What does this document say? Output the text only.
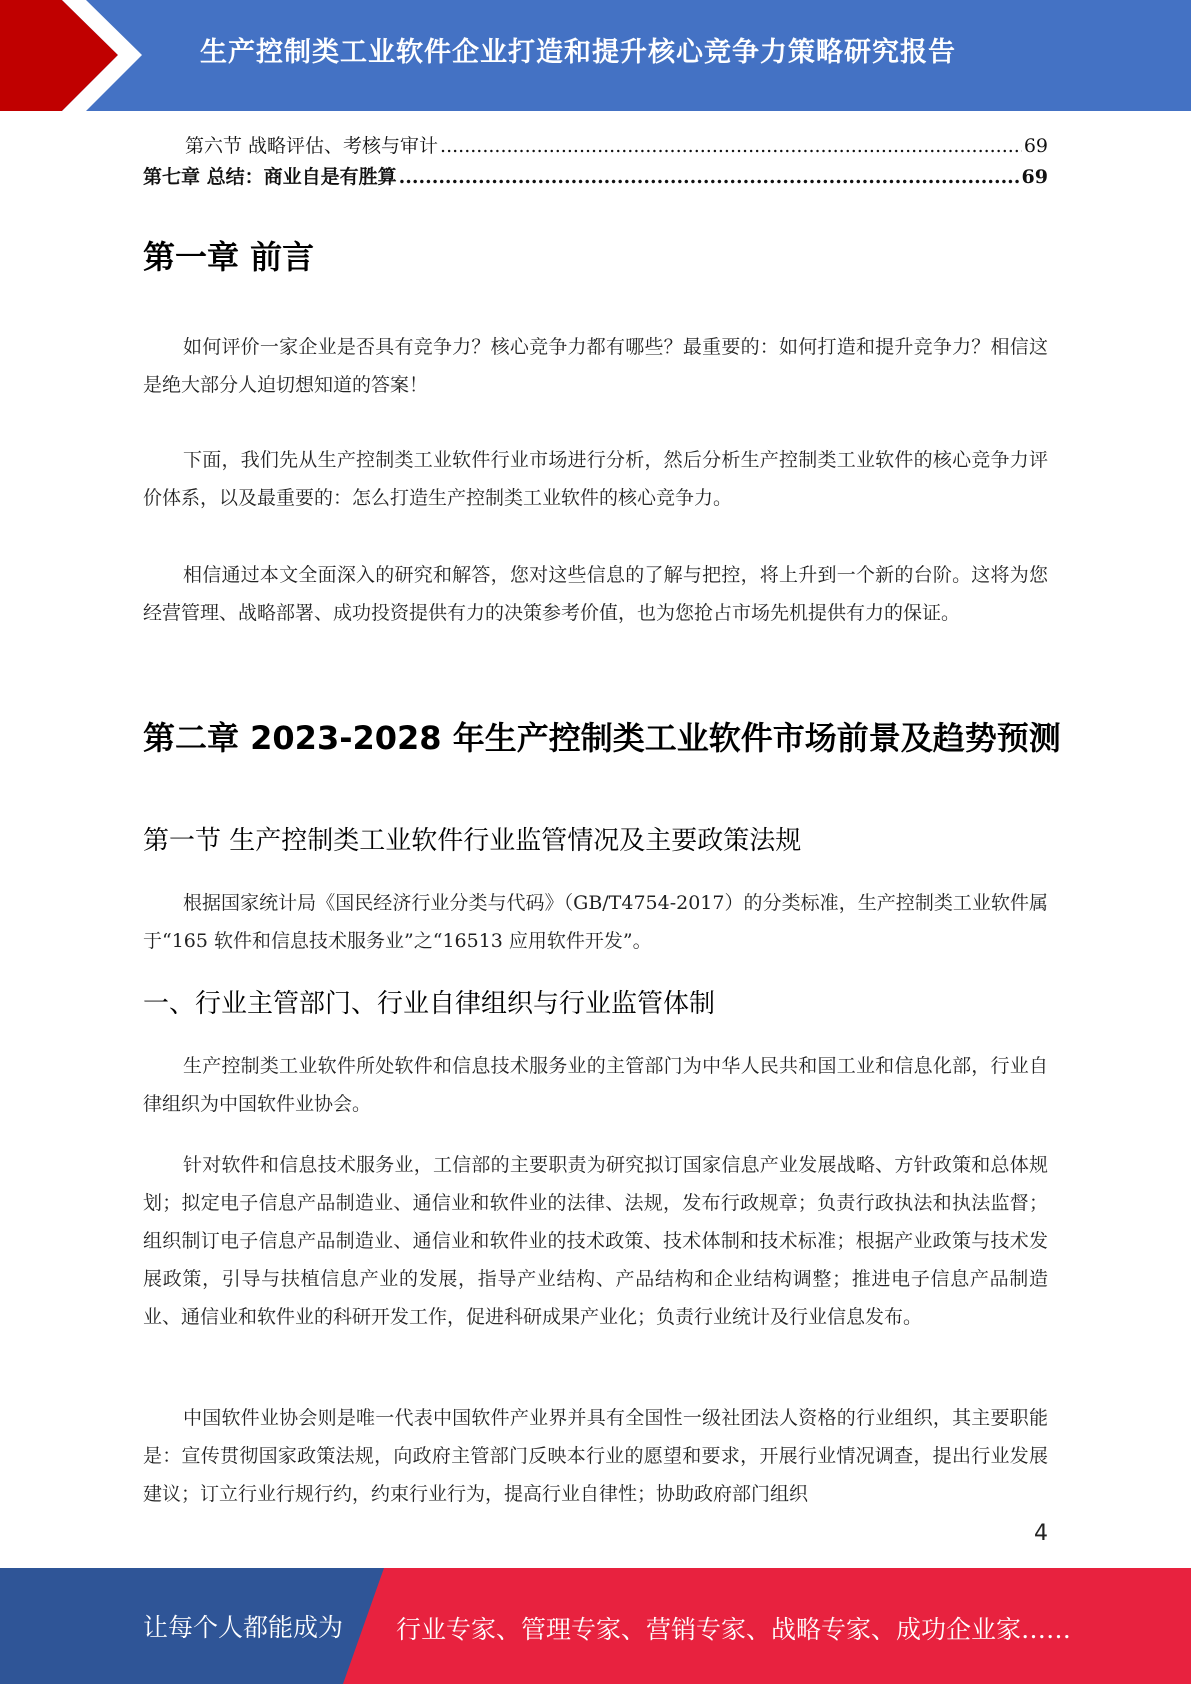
生产控制类工业软件企业打造和提升核心竞争力策略研究报告
第六节 战略评估、考核与审计 .....	69
第七章 总结：商业自是有胜算 .....	69
第一章 前言

如何评价一家企业是否具有竞争力？核心竞争力都有哪些？最重要的：如何打造和提升竞争力？相信这是绝大部分人迫切想知道的答案！

下面，我们先从生产控制类工业软件行业市场进行分析，然后分析生产控制类工业软件的核心竞争力评价体系，以及最重要的：怎么打造生产控制类工业软件的核心竞争力。

相信通过本文全面深入的研究和解答，您对这些信息的了解与把控，将上升到一个新的台阶。这将为您经营管理、战略部署、成功投资提供有力的决策参考价值，也为您抢占市场先机提供有力的保证。

第二章 2023-2028 年生产控制类工业软件市场前景及趋势预测
第一节 生产控制类工业软件行业监管情况及主要政策法规

根据国家统计局《国民经济行业分类与代码》（GB/T4754-2017）的分类标准，生产控制类工业软件属于“165 软件和信息技术服务业”之“16513 应用软件开发”。

一、行业主管部门、行业自律组织与行业监管体制

生产控制类工业软件所处软件和信息技术服务业的主管部门为中华人民共和国工业和信息化部，行业自律组织为中国软件业协会。

针对软件和信息技术服务业，工信部的主要职责为研究拟订国家信息产业发展战略、方针政策和总体规划；拟定电子信息产品制造业、通信业和软件业的法律、法规，发布行政规章；负责行政执法和执法监督；组织制订电子信息产品制造业、通信业和软件业的技术政策、技术体制和技术标准；根据产业政策与技术发展政策，引导与扶植信息产业的发展，指导产业结构、产品结构和企业结构调整；推进电子信息产品制造业、通信业和软件业的科研开发工作，促进科研成果产业化；负责行业统计及行业信息发布。

中国软件业协会则是唯一代表中国软件产业界并具有全国性一级社团法人资格的行业组织，其主要职能是：宣传贯彻国家政策法规，向政府主管部门反映本行业的愿望和要求，开展行业情况调查，提出行业发展建议；订立行业行规行约，约束行业行为，提高行业自律性；协助政府部门组织

4
让每个人都能成为 行业专家、管理专家、营销专家、战略专家、成功企业家……
